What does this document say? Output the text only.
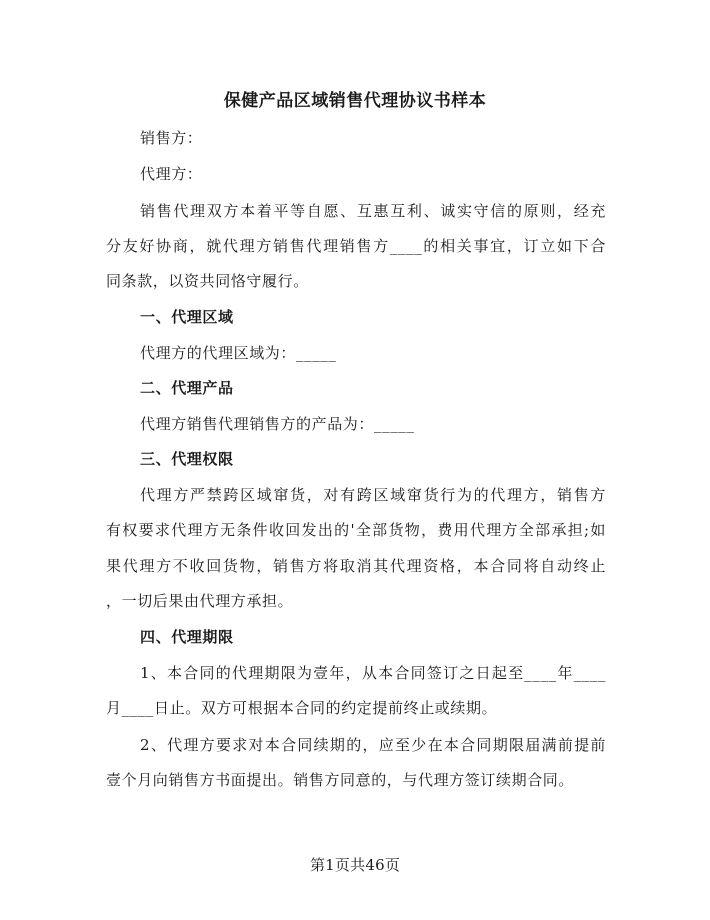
保健产品区域销售代理协议书样本
销售方：
代理方：
销售代理双方本着平等自愿、互惠互利、诚实守信的原则，经充
分友好协商，就代理方销售代理销售方____的相关事宜，订立如下合
同条款，以资共同恪守履行。
一、代理区域
代理方的代理区域为：_____
二、代理产品
代理方销售代理销售方的产品为：_____
三、代理权限
代理方严禁跨区域窜货，对有跨区域窜货行为的代理方，销售方
有权要求代理方无条件收回发出的'全部货物，费用代理方全部承担;如
果代理方不收回货物，销售方将取消其代理资格，本合同将自动终止
，一切后果由代理方承担。
四、代理期限
1、本合同的代理期限为壹年，从本合同签订之日起至____年____
月____日止。双方可根据本合同的约定提前终止或续期。
2、代理方要求对本合同续期的，应至少在本合同期限届满前提前
壹个月向销售方书面提出。销售方同意的，与代理方签订续期合同。
第1页共46页
